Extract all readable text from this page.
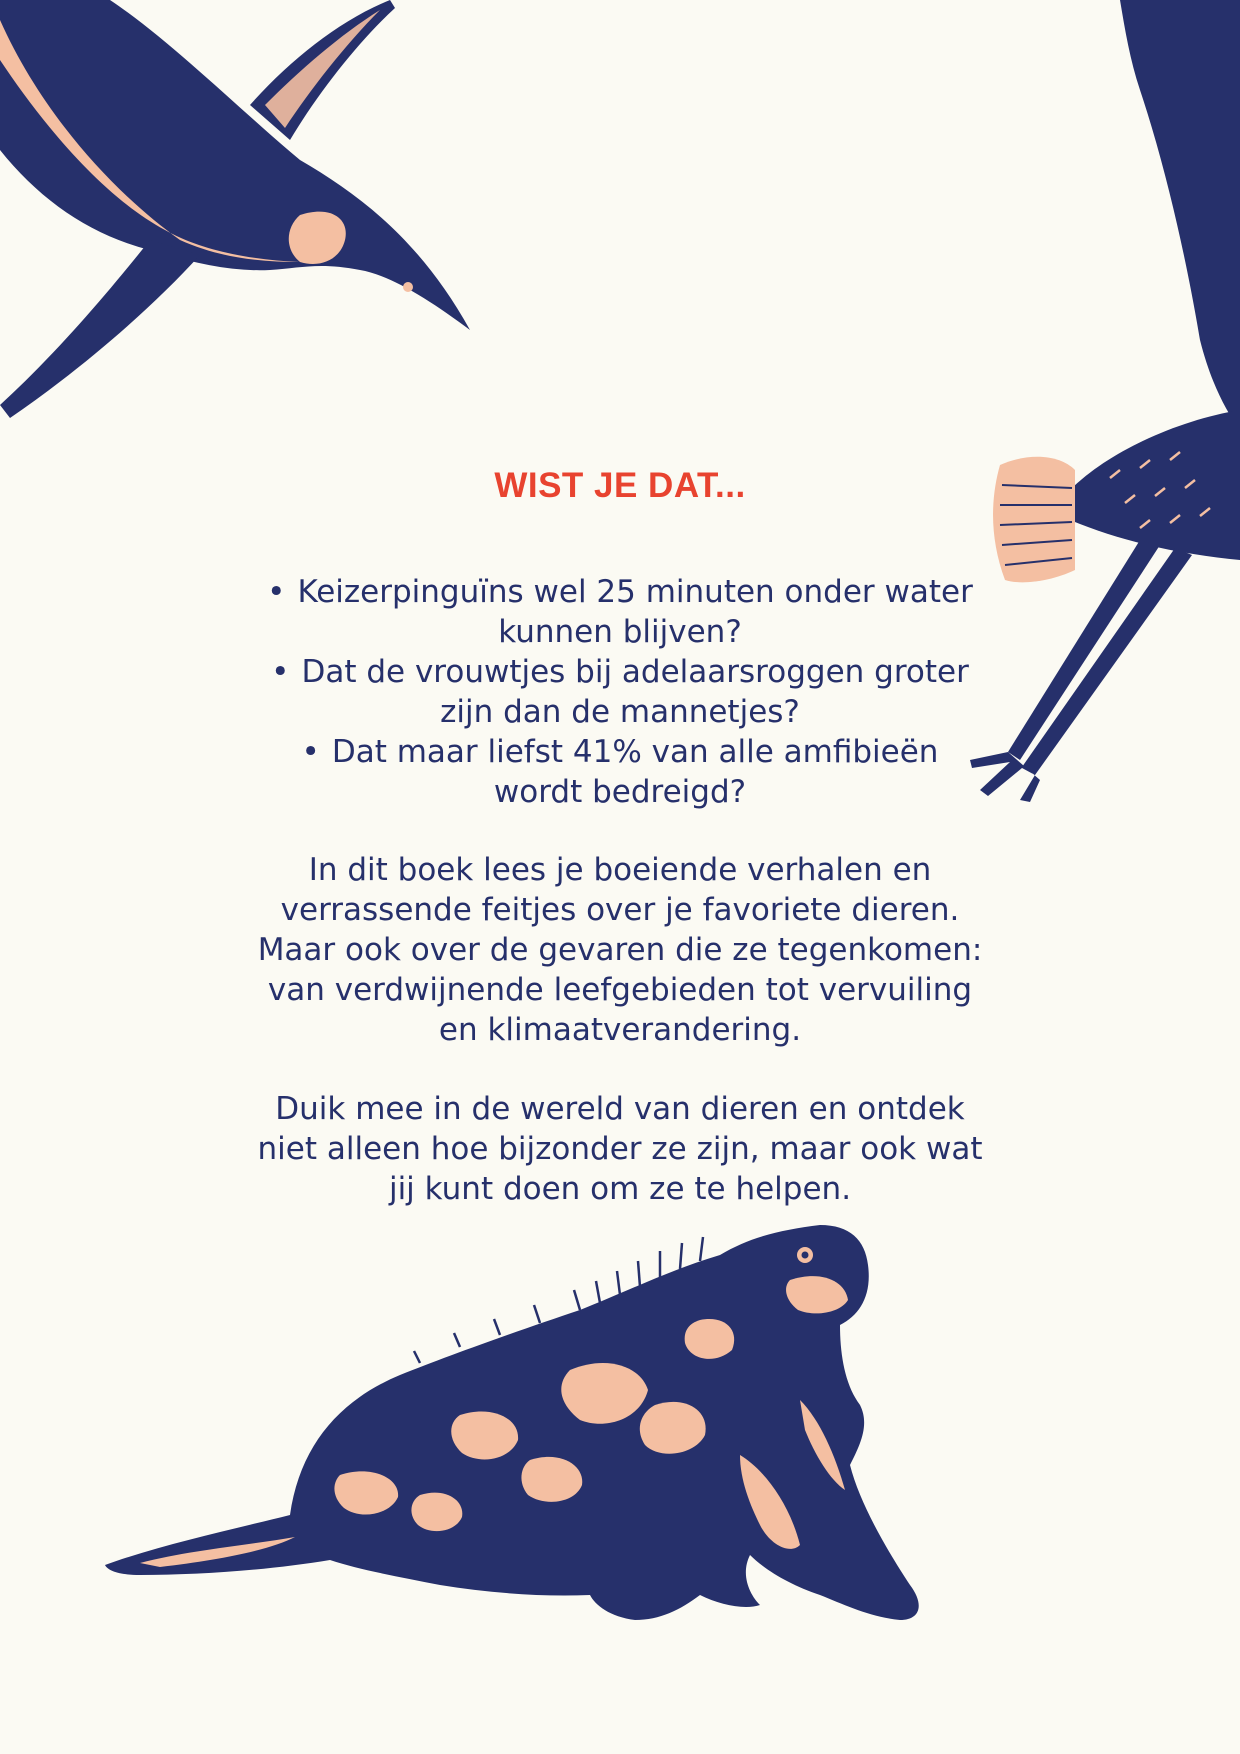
WIST JE DAT...
• Keizerpinguïns wel 25 minuten onder water
kunnen blijven?
• Dat de vrouwtjes bij adelaarsroggen groter
zijn dan de mannetjes?
• Dat maar liefst 41% van alle amfibieën
wordt bedreigd?

In dit boek lees je boeiende verhalen en
verrassende feitjes over je favoriete dieren.
Maar ook over de gevaren die ze tegenkomen:
van verdwijnende leefgebieden tot vervuiling
en klimaatverandering.

Duik mee in de wereld van dieren en ontdek
niet alleen hoe bijzonder ze zijn, maar ook wat
jij kunt doen om ze te helpen.
